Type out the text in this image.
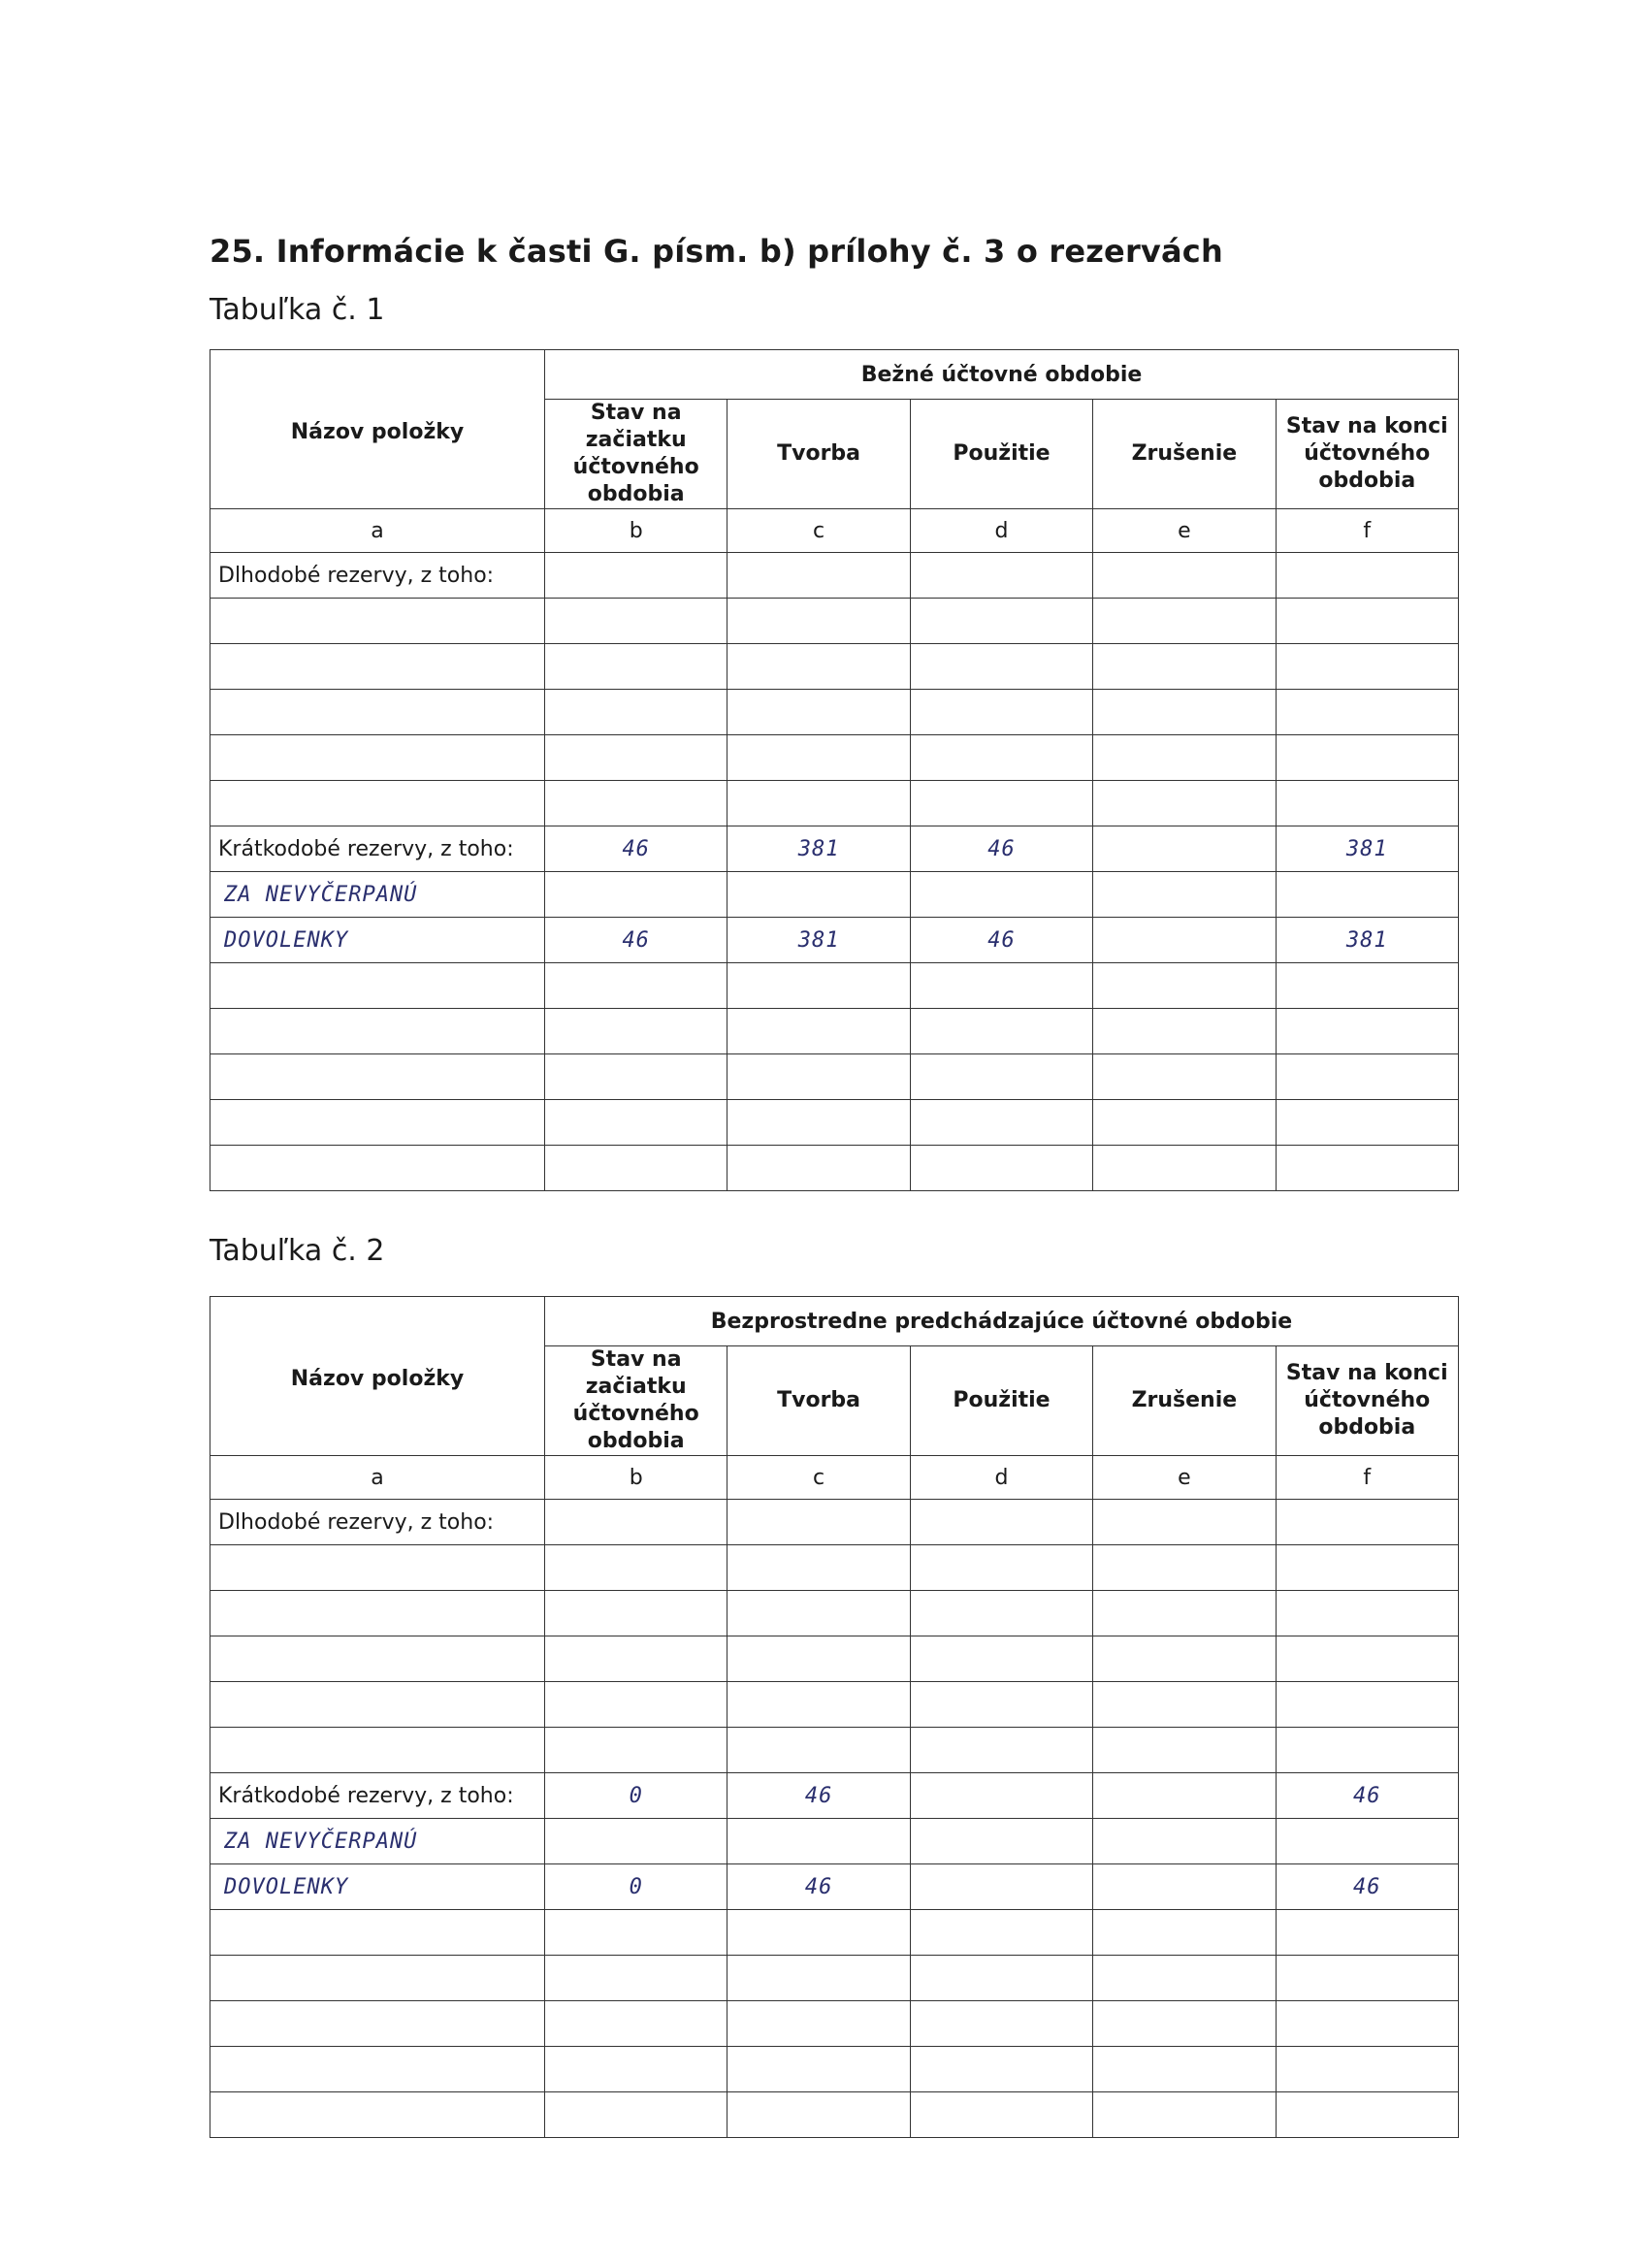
25. Informácie k časti G. písm. b) prílohy č. 3 o rezervách

Tabuľka č. 1

Názov položky	Bežné účtovné obdobie				
	Stav na začiatku účtovného obdobia	Tvorba	Použitie	Zrušenie	Stav na konci účtovného obdobia
a	b	c	d	e	f
Dlhodobé rezervy, z toho:					

Krátkodobé rezervy, z toho:	46	381	46		381
ZA NEVYČERPANÚ					
DOVOLENKY	46	381	46		381

Tabuľka č. 2

Názov položky	Bezprostredne predchádzajúce účtovné obdobie				
	Stav na začiatku účtovného obdobia	Tvorba	Použitie	Zrušenie	Stav na konci účtovného obdobia
a	b	c	d	e	f
Dlhodobé rezervy, z toho:					

Krátkodobé rezervy, z toho:	0	46			46
ZA NEVYČERPANÚ					
DOVOLENKY	0	46			46
